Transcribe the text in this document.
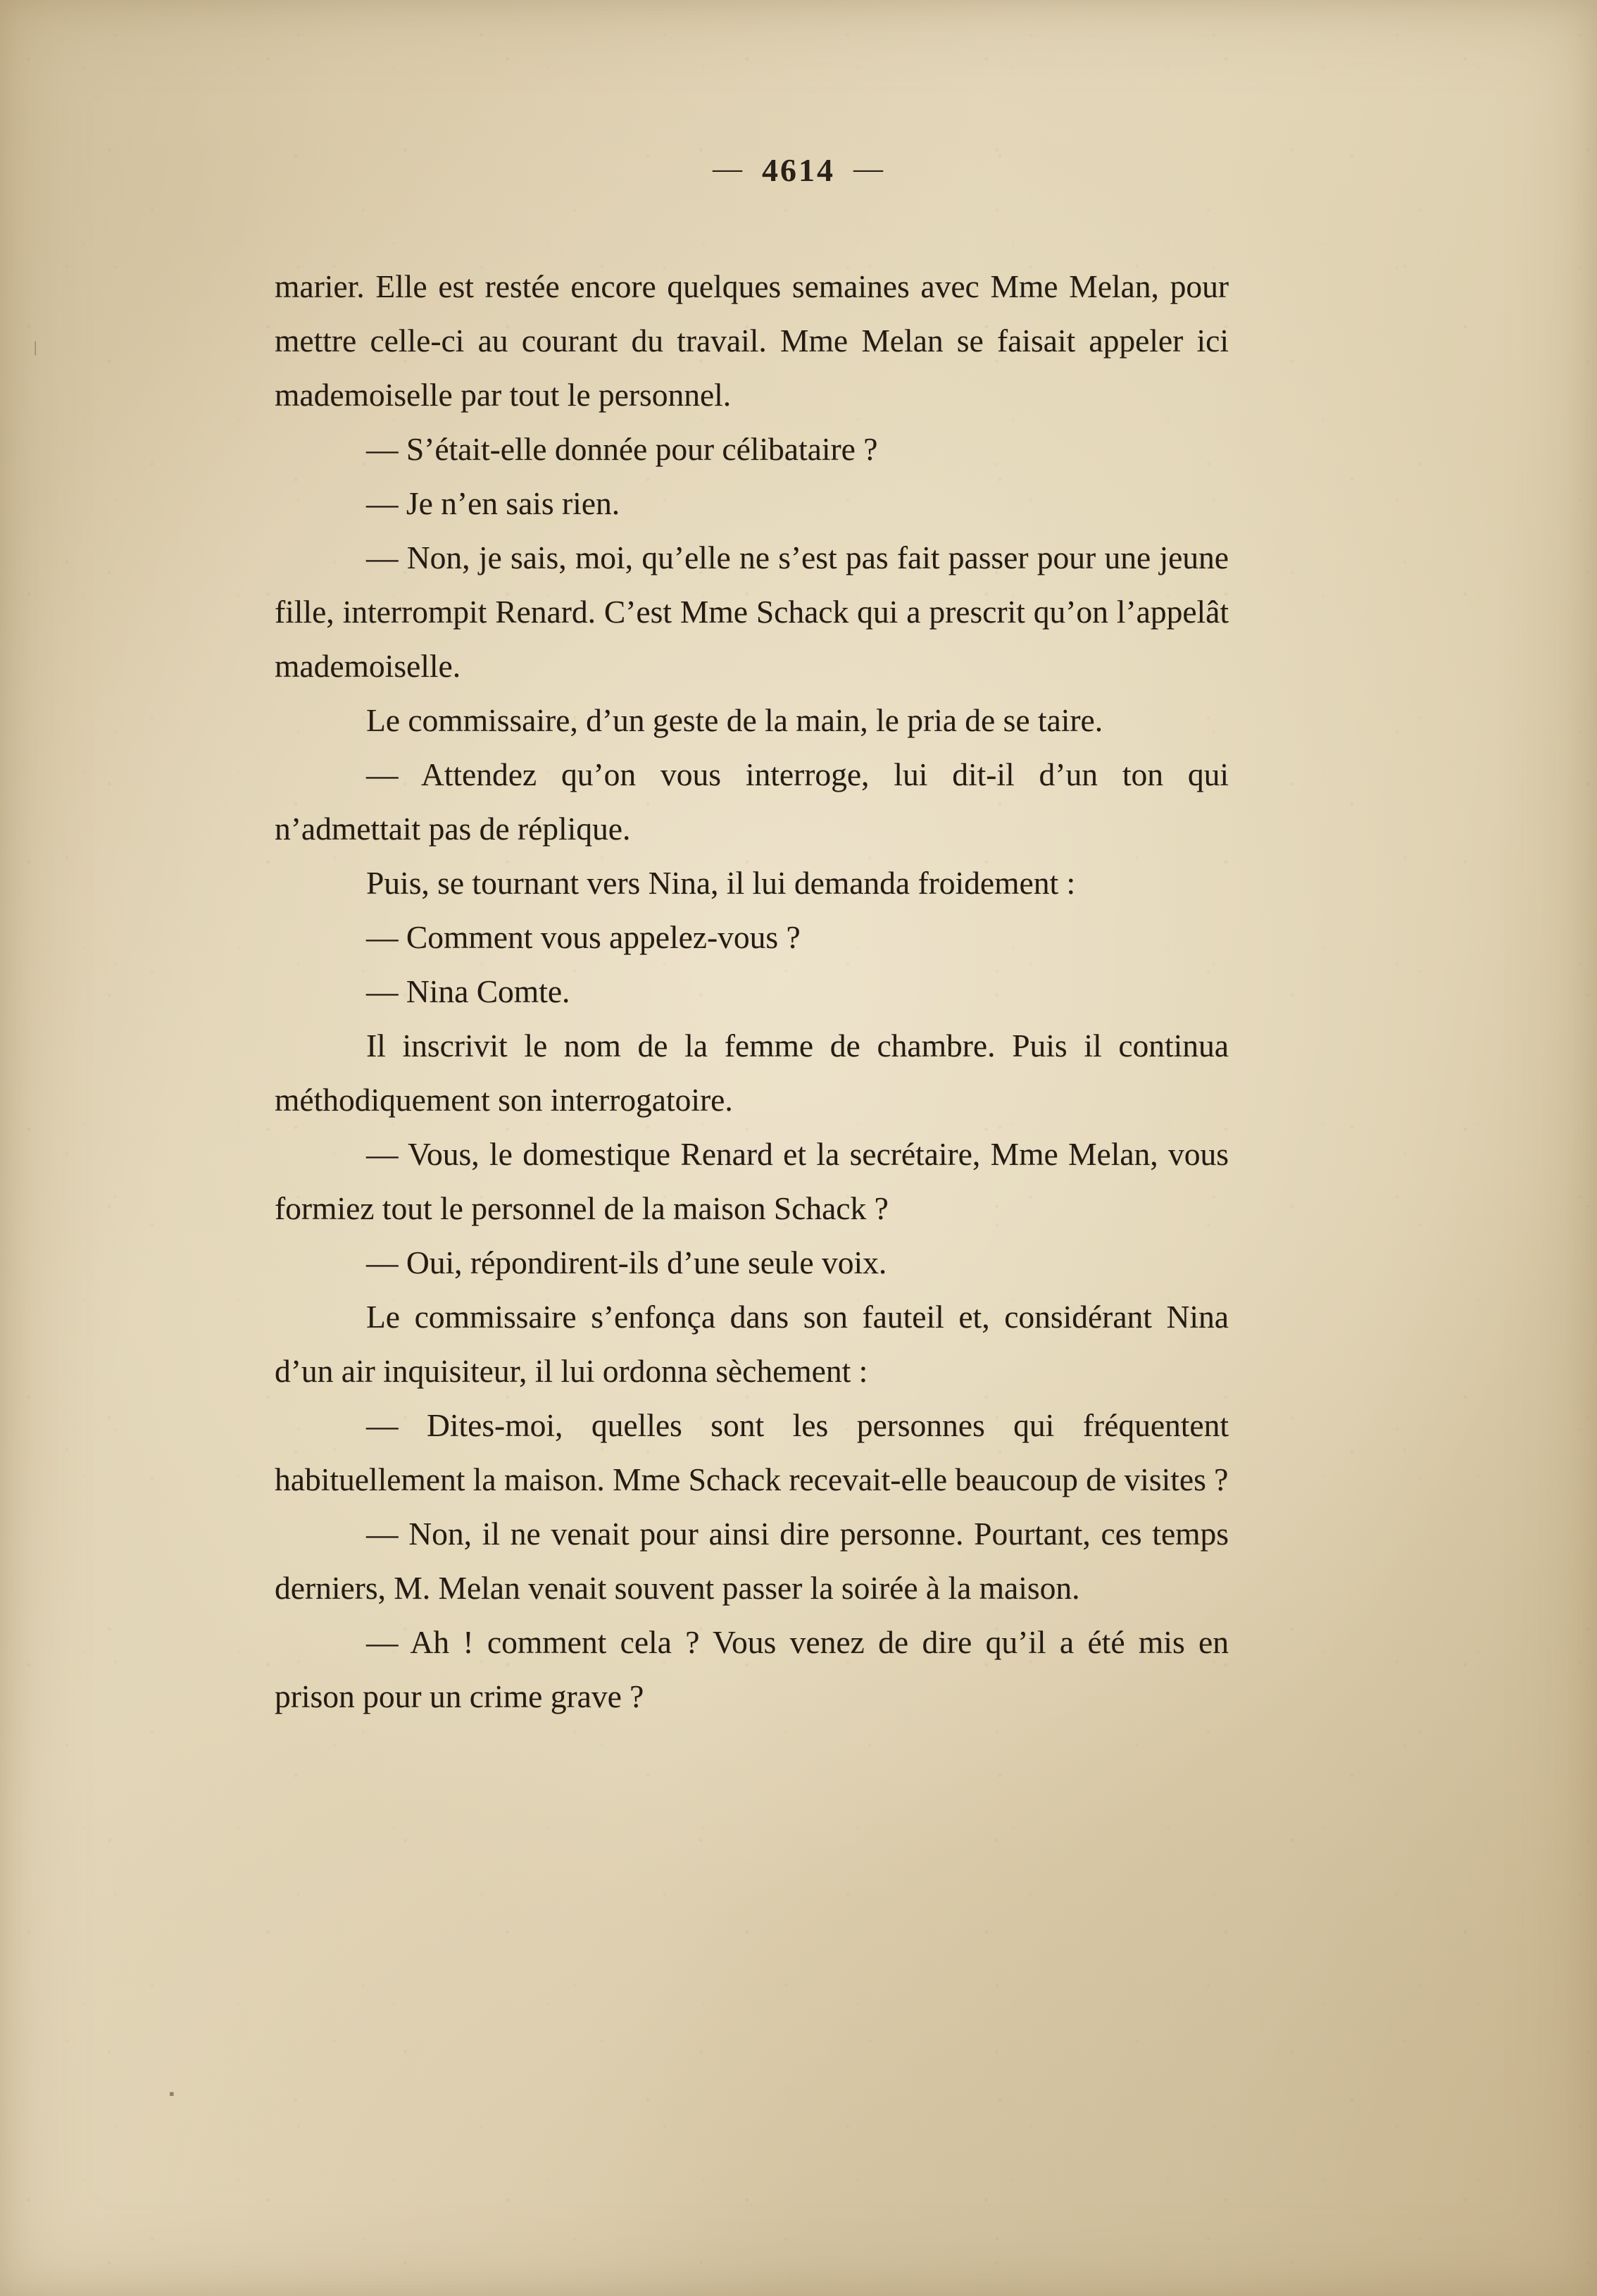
— 4614 —

marier. Elle est restée encore quelques semaines avec Mme Melan, pour mettre celle-ci au courant du travail. Mme Melan se faisait appeler ici mademoiselle par tout le personnel.

— S’était-elle donnée pour célibataire ?

— Je n’en sais rien.

— Non, je sais, moi, qu’elle ne s’est pas fait passer pour une jeune fille, interrompit Renard. C’est Mme Schack qui a prescrit qu’on l’appelât mademoiselle.

Le commissaire, d’un geste de la main, le pria de se taire.

— Attendez qu’on vous interroge, lui dit-il d’un ton qui n’admettait pas de réplique.

Puis, se tournant vers Nina, il lui demanda froidement :

— Comment vous appelez-vous ?

— Nina Comte.

Il inscrivit le nom de la femme de chambre. Puis il continua méthodiquement son interrogatoire.

— Vous, le domestique Renard et la secrétaire, Mme Melan, vous formiez tout le personnel de la maison Schack ?

— Oui, répondirent-ils d’une seule voix.

Le commissaire s’enfonça dans son fauteil et, considérant Nina d’un air inquisiteur, il lui ordonna sèchement :

— Dites-moi, quelles sont les personnes qui fréquentent habituellement la maison. Mme Schack recevait-elle beaucoup de visites ?

— Non, il ne venait pour ainsi dire personne. Pourtant, ces temps derniers, M. Melan venait souvent passer la soirée à la maison.

— Ah ! comment cela ? Vous venez de dire qu’il a été mis en prison pour un crime grave ?

▪
|
